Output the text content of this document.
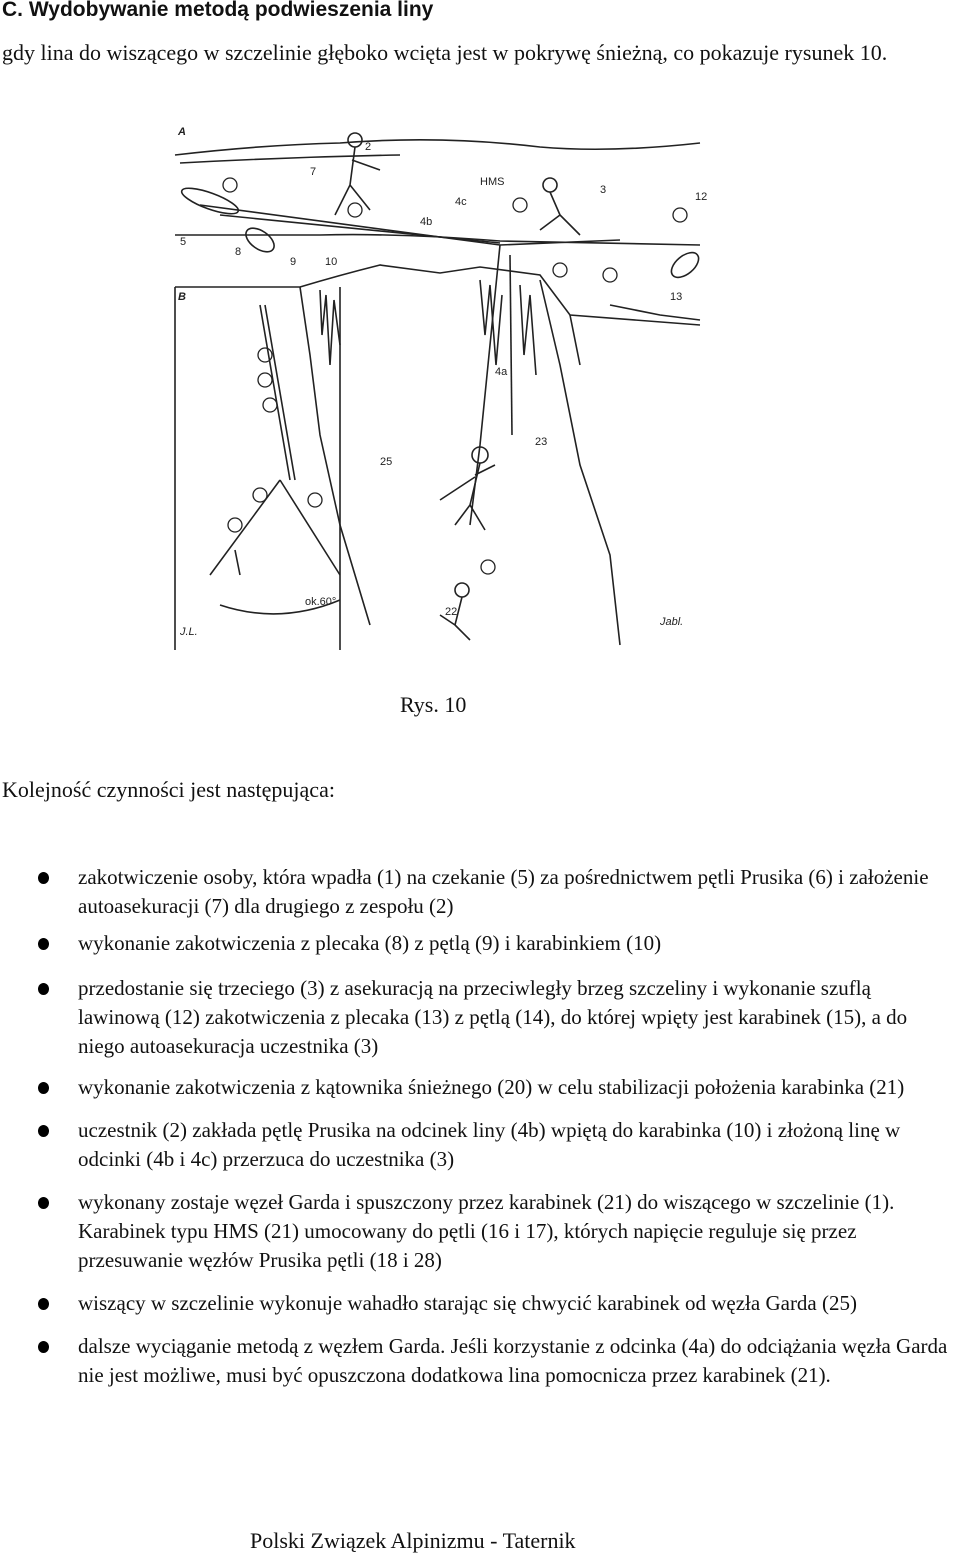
C. Wydobywanie metodą podwieszenia liny

gdy lina do wiszącego w szczelinie głęboko wcięta jest w pokrywę śnieżną, co pokazuje rysunek 10.

A
B
HMS
2
3
4c
4b
4a
5
7
8
9	10
12
13
23
25
22
ok.60°
J.L.
Jabl.
Rys. 10
Kolejność czynności jest następująca:
zakotwiczenie osoby, która wpadła (1) na czekanie (5) za pośrednictwem pętli Prusika (6) i założenie autoasekuracji (7) dla drugiego z zespołu (2)
wykonanie zakotwiczenia z plecaka (8) z pętlą (9) i karabinkiem (10)
przedostanie się trzeciego (3) z asekuracją na przeciwległy brzeg szczeliny i wykonanie szuflą lawinową (12) zakotwiczenia z plecaka (13) z pętlą (14), do której wpięty jest karabinek (15), a do niego autoasekuracja uczestnika (3)
wykonanie zakotwiczenia z kątownika śnieżnego (20) w celu stabilizacji położenia karabinka (21)
uczestnik (2) zakłada pętlę Prusika na odcinek liny (4b) wpiętą do karabinka (10) i złożoną linę w odcinki (4b i 4c) przerzuca do uczestnika (3)
wykonany zostaje węzeł Garda i spuszczony przez karabinek (21) do wiszącego w szczelinie (1). Karabinek typu HMS (21) umocowany do pętli (16 i 17), których napięcie reguluje się przez przesuwanie węzłów Prusika pętli (18 i 28)
wiszący w szczelinie wykonuje wahadło starając się chwycić karabinek od węzła Garda (25)
dalsze wyciąganie metodą z węzłem Garda. Jeśli korzystanie z odcinka (4a) do odciążania węzła Garda nie jest możliwe, musi być opuszczona dodatkowa lina pomocnicza przez karabinek (21).
Polski Związek Alpinizmu - Taternik
